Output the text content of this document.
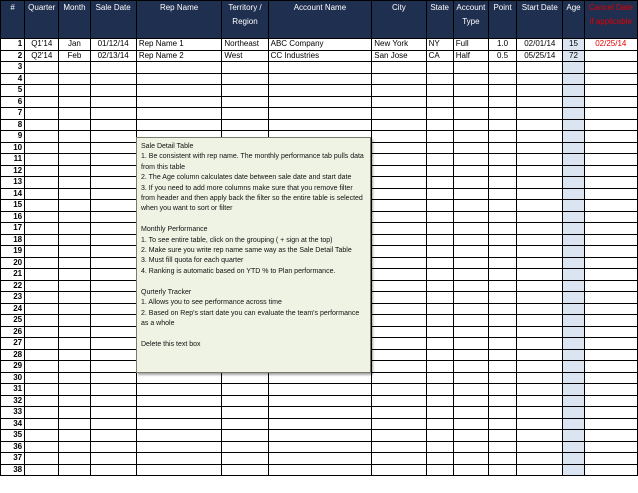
#	Quarter	Month	Sale Date	Rep Name	Territory / Region	Account Name	City	State	Account Type	Point	Start Date	Age	Cancel Date if applicable
1	Q1'14	Jan	01/12/14	Rep Name 1	Northeast	ABC Company	New York	NY	Full	1.0	02/01/14	15	02/25/14
2	Q2'14	Feb	02/13/14	Rep Name 2	West	CC Industries	San Jose	CA	Half	0.5	05/25/14	72	
3													
4													
5													
6													
7													
8													
9													
10													
11													
12													
13													
14													
15													
16													
17													
18													
19													
20													
21													
22													
23													
24													
25													
26													
27													
28													
29													
30													
31													
32													
33													
34													
35													
36													
37													
38													
Sale Detail Table
1. Be consistent with rep name. The monthly performance tab pulls data from this table
2. The Age column calculates date between sale date and start date
3. If you need to add more columns make sure that you remove filter from header and then apply back the filter so the entire table is selected when you want to sort or filter

Monthly Performance
1. To see entire table, click on the grouping ( + sign at the top)
2. Make sure you write rep name same way as the Sale Detail Table
3. Must fill quota for each quarter
4. Ranking is automatic based on YTD % to Plan performance.

Qurterly Tracker
1. Allows you to see performance across time
2. Based on Rep's start date you can evaluate the team's performance as a whole

Delete this text box
